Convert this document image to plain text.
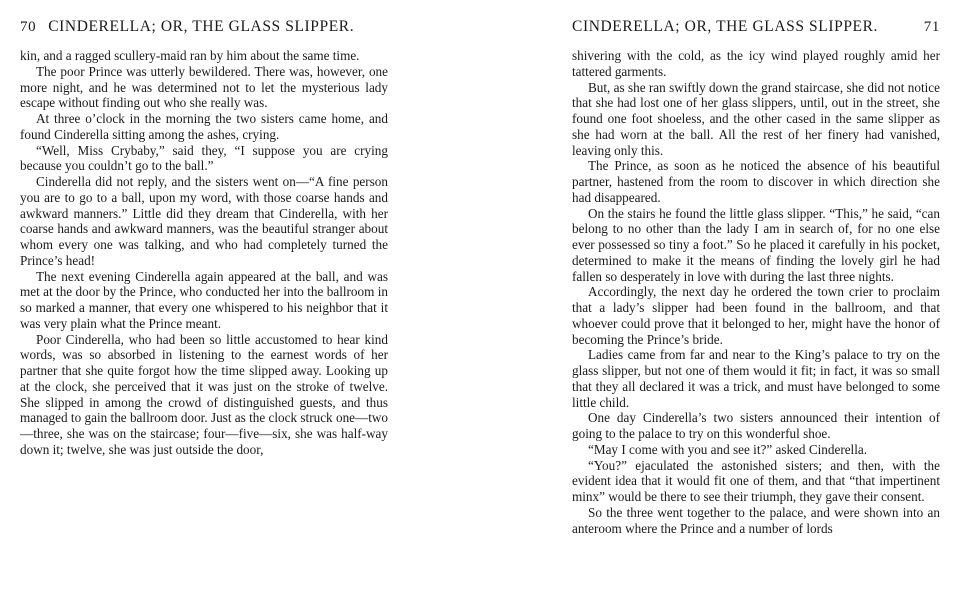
70 CINDERELLA; OR, THE GLASS SLIPPER.

kin, and a ragged scullery-maid ran by him about the same time.

The poor Prince was utterly bewildered. There was, however, one more night, and he was determined not to let the mysterious lady escape without finding out who she really was.

At three o’clock in the morning the two sisters came home, and found Cinderella sitting among the ashes, crying.

“Well, Miss Crybaby,” said they, “I suppose you are crying because you couldn’t go to the ball.”

Cinderella did not reply, and the sisters went on—“A fine person you are to go to a ball, upon my word, with those coarse hands and awkward manners.” Little did they dream that Cinderella, with her coarse hands and awkward manners, was the beautiful stranger about whom every one was talking, and who had completely turned the Prince’s head!

The next evening Cinderella again appeared at the ball, and was met at the door by the Prince, who conducted her into the ballroom in so marked a manner, that every one whispered to his neighbor that it was very plain what the Prince meant.

Poor Cinderella, who had been so little accustomed to hear kind words, was so absorbed in listening to the earnest words of her partner that she quite forgot how the time slipped away. Looking up at the clock, she perceived that it was just on the stroke of twelve. She slipped in among the crowd of distinguished guests, and thus managed to gain the ballroom door. Just as the clock struck one—two—three, she was on the staircase; four—five—six, she was half-way down it; twelve, she was just outside the door,

CINDERELLA; OR, THE GLASS SLIPPER.	71

shivering with the cold, as the icy wind played roughly amid her tattered garments.

But, as she ran swiftly down the grand staircase, she did not notice that she had lost one of her glass slippers, until, out in the street, she found one foot shoeless, and the other cased in the same slipper as she had worn at the ball. All the rest of her finery had vanished, leaving only this.

The Prince, as soon as he noticed the absence of his beautiful partner, hastened from the room to discover in which direction she had disappeared.

On the stairs he found the little glass slipper. “This,” he said, “can belong to no other than the lady I am in search of, for no one else ever possessed so tiny a foot.” So he placed it carefully in his pocket, determined to make it the means of finding the lovely girl he had fallen so desperately in love with during the last three nights.

Accordingly, the next day he ordered the town crier to proclaim that a lady’s slipper had been found in the ballroom, and that whoever could prove that it belonged to her, might have the honor of becoming the Prince’s bride.

Ladies came from far and near to the King’s palace to try on the glass slipper, but not one of them would it fit; in fact, it was so small that they all declared it was a trick, and must have belonged to some little child.

One day Cinderella’s two sisters announced their intention of going to the palace to try on this wonderful shoe.

“May I come with you and see it?” asked Cinderella.

“You?” ejaculated the astonished sisters; and then, with the evident idea that it would fit one of them, and that “that impertinent minx” would be there to see their triumph, they gave their consent.

So the three went together to the palace, and were shown into an anteroom where the Prince and a number of lords
